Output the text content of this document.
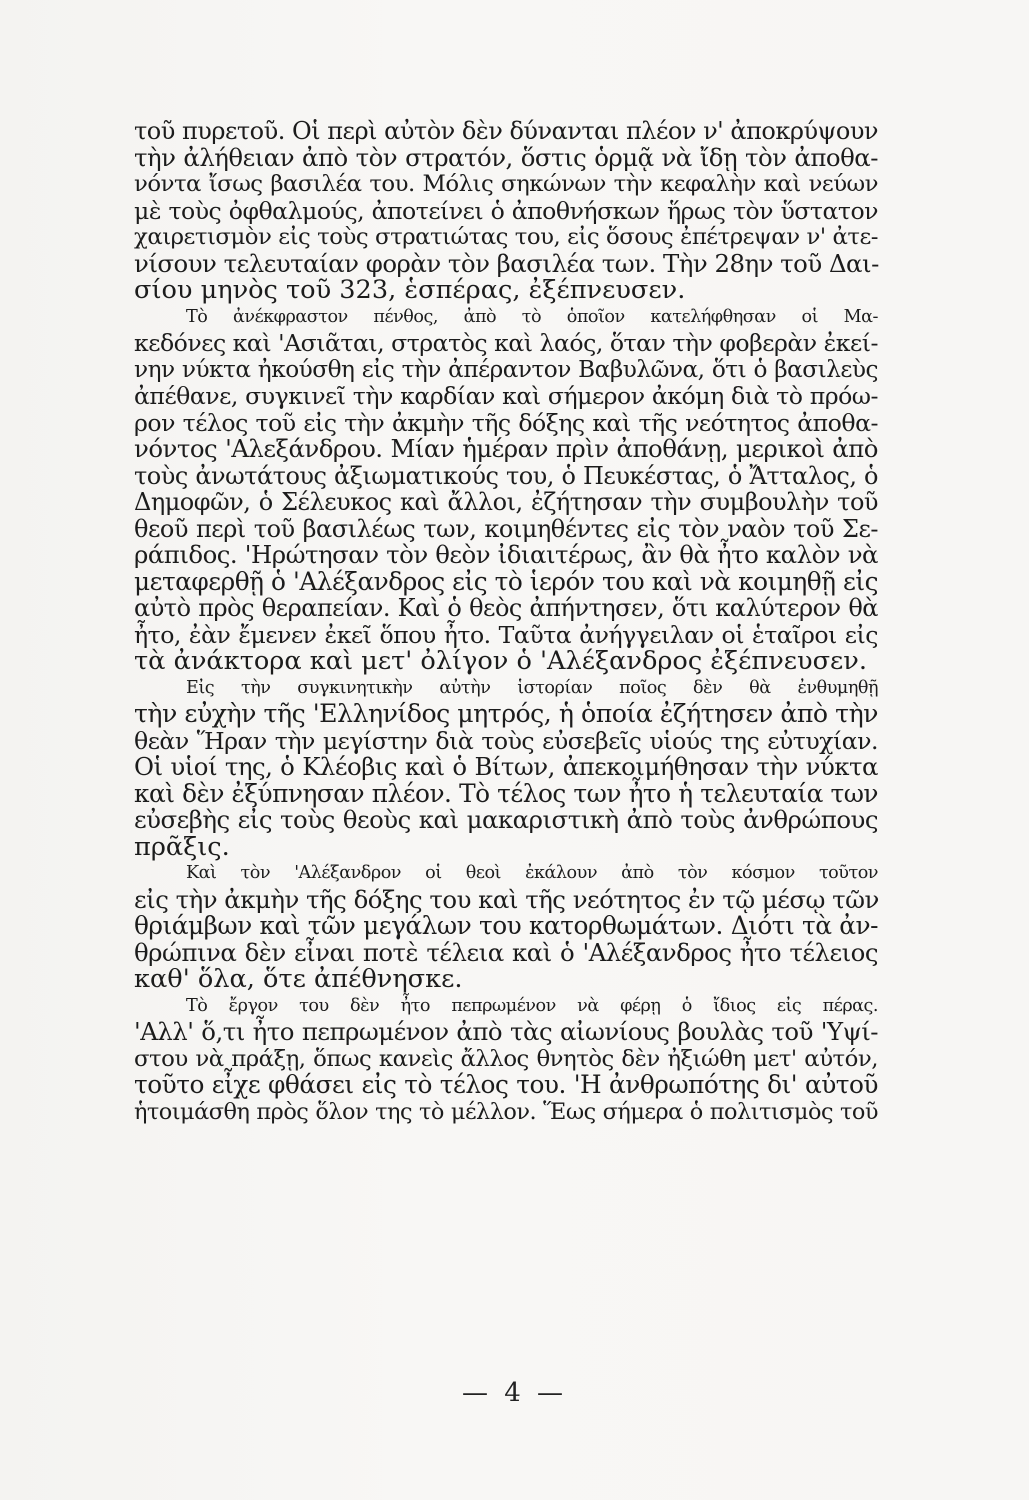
τοῦ πυρετοῦ. Οἱ περὶ αὐτὸν δὲν δύνανται πλέον ν' ἀποκρύψουν
τὴν ἀλήθειαν ἀπὸ τὸν στρατόν, ὅστις ὁρμᾷ νὰ ἴδῃ τὸν ἀποθα-
νόντα ἴσως βασιλέα του. Μόλις σηκώνων τὴν κεφαλὴν καὶ νεύων
μὲ τοὺς ὀφθαλμούς, ἀποτείνει ὁ ἀποθνήσκων ἥρως τὸν ὕστατον
χαιρετισμὸν εἰς τοὺς στρατιώτας του, εἰς ὅσους ἐπέτρεψαν ν' ἀτε-
νίσουν τελευταίαν φορὰν τὸν βασιλέα των. Τὴν 28ην τοῦ Δαι-
σίου μηνὸς τοῦ 323, ἑσπέρας, ἐξέπνευσεν.
Τὸ ἀνέκφραστον πένθος, ἀπὸ τὸ ὁποῖον κατελήφθησαν οἱ Μα-
κεδόνες καὶ 'Ασιᾶται, στρατὸς καὶ λαός, ὅταν τὴν φοβερὰν ἐκεί-
νην νύκτα ἠκούσθη εἰς τὴν ἀπέραντον Βαβυλῶνα, ὅτι ὁ βασιλεὺς
ἀπέθανε, συγκινεῖ τὴν καρδίαν καὶ σήμερον ἀκόμη διὰ τὸ πρόω-
ρον τέλος τοῦ εἰς τὴν ἀκμὴν τῆς δόξης καὶ τῆς νεότητος ἀποθα-
νόντος 'Αλεξάνδρου. Μίαν ἡμέραν πρὶν ἀποθάνῃ, μερικοὶ ἀπὸ
τοὺς ἀνωτάτους ἀξιωματικούς του, ὁ Πευκέστας, ὁ Ἄτταλος, ὁ
Δημοφῶν, ὁ Σέλευκος καὶ ἄλλοι, ἐζήτησαν τὴν συμβουλὴν τοῦ
θεοῦ περὶ τοῦ βασιλέως των, κοιμηθέντες εἰς τὸν ναὸν τοῦ Σε-
ράπιδος. 'Ηρώτησαν τὸν θεὸν ἰδιαιτέρως, ἂν θὰ ἦτο καλὸν νὰ
μεταφερθῇ ὁ 'Αλέξανδρος εἰς τὸ ἱερόν του καὶ νὰ κοιμηθῇ εἰς
αὐτὸ πρὸς θεραπείαν. Καὶ ὁ θεὸς ἀπήντησεν, ὅτι καλύτερον θὰ
ἦτο, ἐὰν ἔμενεν ἐκεῖ ὅπου ἦτο. Ταῦτα ἀνήγγειλαν οἱ ἑταῖροι εἰς
τὰ ἀνάκτορα καὶ μετ' ὀλίγον ὁ 'Αλέξανδρος ἐξέπνευσεν.
Εἰς τὴν συγκινητικὴν αὐτὴν ἱστορίαν ποῖος δὲν θὰ ἐνθυμηθῇ
τὴν εὐχὴν τῆς 'Ελληνίδος μητρός, ἡ ὁποία ἐζήτησεν ἀπὸ τὴν
θεὰν Ἥραν τὴν μεγίστην διὰ τοὺς εὐσεβεῖς υἱούς της εὐτυχίαν.
Οἱ υἱοί της, ὁ Κλέοβις καὶ ὁ Βίτων, ἀπεκοιμήθησαν τὴν νύκτα
καὶ δὲν ἐξύπνησαν πλέον. Τὸ τέλος των ἦτο ἡ τελευταία των
εὐσεβὴς εἰς τοὺς θεοὺς καὶ μακαριστικὴ ἀπὸ τοὺς ἀνθρώπους
πρᾶξις.
Καὶ τὸν 'Αλέξανδρον οἱ θεοὶ ἐκάλουν ἀπὸ τὸν κόσμον τοῦτον
εἰς τὴν ἀκμὴν τῆς δόξης του καὶ τῆς νεότητος ἐν τῷ μέσῳ τῶν
θριάμβων καὶ τῶν μεγάλων του κατορθωμάτων. Διότι τὰ ἀν-
θρώπινα δὲν εἶναι ποτὲ τέλεια καὶ ὁ 'Αλέξανδρος ἦτο τέλειος
καθ' ὅλα, ὅτε ἀπέθνησκε.
Τὸ ἔργον του δὲν ἦτο πεπρωμένον νὰ φέρῃ ὁ ἴδιος εἰς πέρας.
'Αλλ' ὅ,τι ἦτο πεπρωμένον ἀπὸ τὰς αἰωνίους βουλὰς τοῦ 'Υψί-
στου νὰ πράξῃ, ὅπως κανεὶς ἄλλος θνητὸς δὲν ἠξιώθη μετ' αὐτόν,
τοῦτο εἶχε φθάσει εἰς τὸ τέλος του. 'Η ἀνθρωπότης δι' αὐτοῦ
ἡτοιμάσθη πρὸς ὅλον της τὸ μέλλον. Ἕως σήμερα ὁ πολιτισμὸς τοῦ
— 4 —
